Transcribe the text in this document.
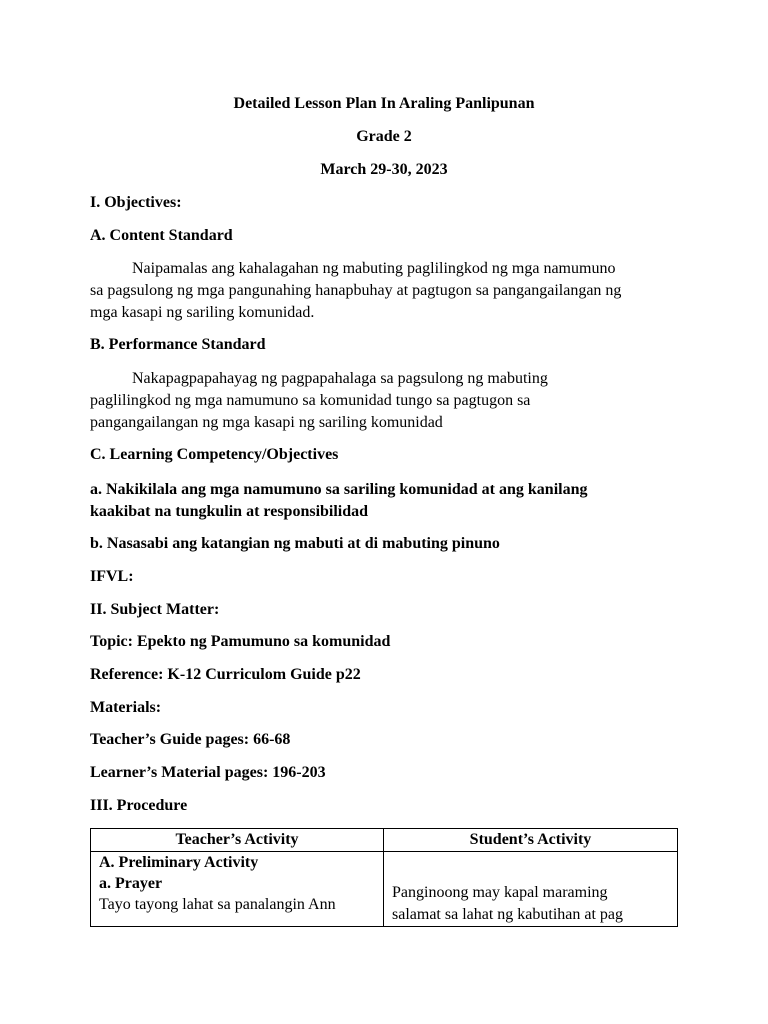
Detailed Lesson Plan In Araling Panlipunan
Grade 2
March 29-30, 2023
I. Objectives:
A. Content Standard
Naipamalas ang kahalagahan ng mabuting paglilingkod ng mga namumuno
sa pagsulong ng mga pangunahing hanapbuhay at pagtugon sa pangangailangan ng
mga kasapi ng sariling komunidad.
B. Performance Standard
Nakapagpapahayag ng pagpapahalaga sa pagsulong ng mabuting
paglilingkod ng mga namumuno sa komunidad tungo sa pagtugon sa
pangangailangan ng mga kasapi ng sariling komunidad
C. Learning Competency/Objectives
a. Nakikilala ang mga namumuno sa sariling komunidad at ang kanilang
kaakibat na tungkulin at responsibilidad
b. Nasasabi ang katangian ng mabuti at di mabuting pinuno
IFVL:
II. Subject Matter:
Topic: Epekto ng Pamumuno sa komunidad
Reference: K-12 Curriculom Guide p22
Materials:
Teacher’s Guide pages: 66-68
Learner’s Material pages: 196-203
III. Procedure
Teacher’s Activity	Student’s Activity

A. Preliminary Activity
a. Prayer
Tayo tayong lahat sa panalangin Ann	Panginoong may kapal maraming
salamat sa lahat ng kabutihan at pag
